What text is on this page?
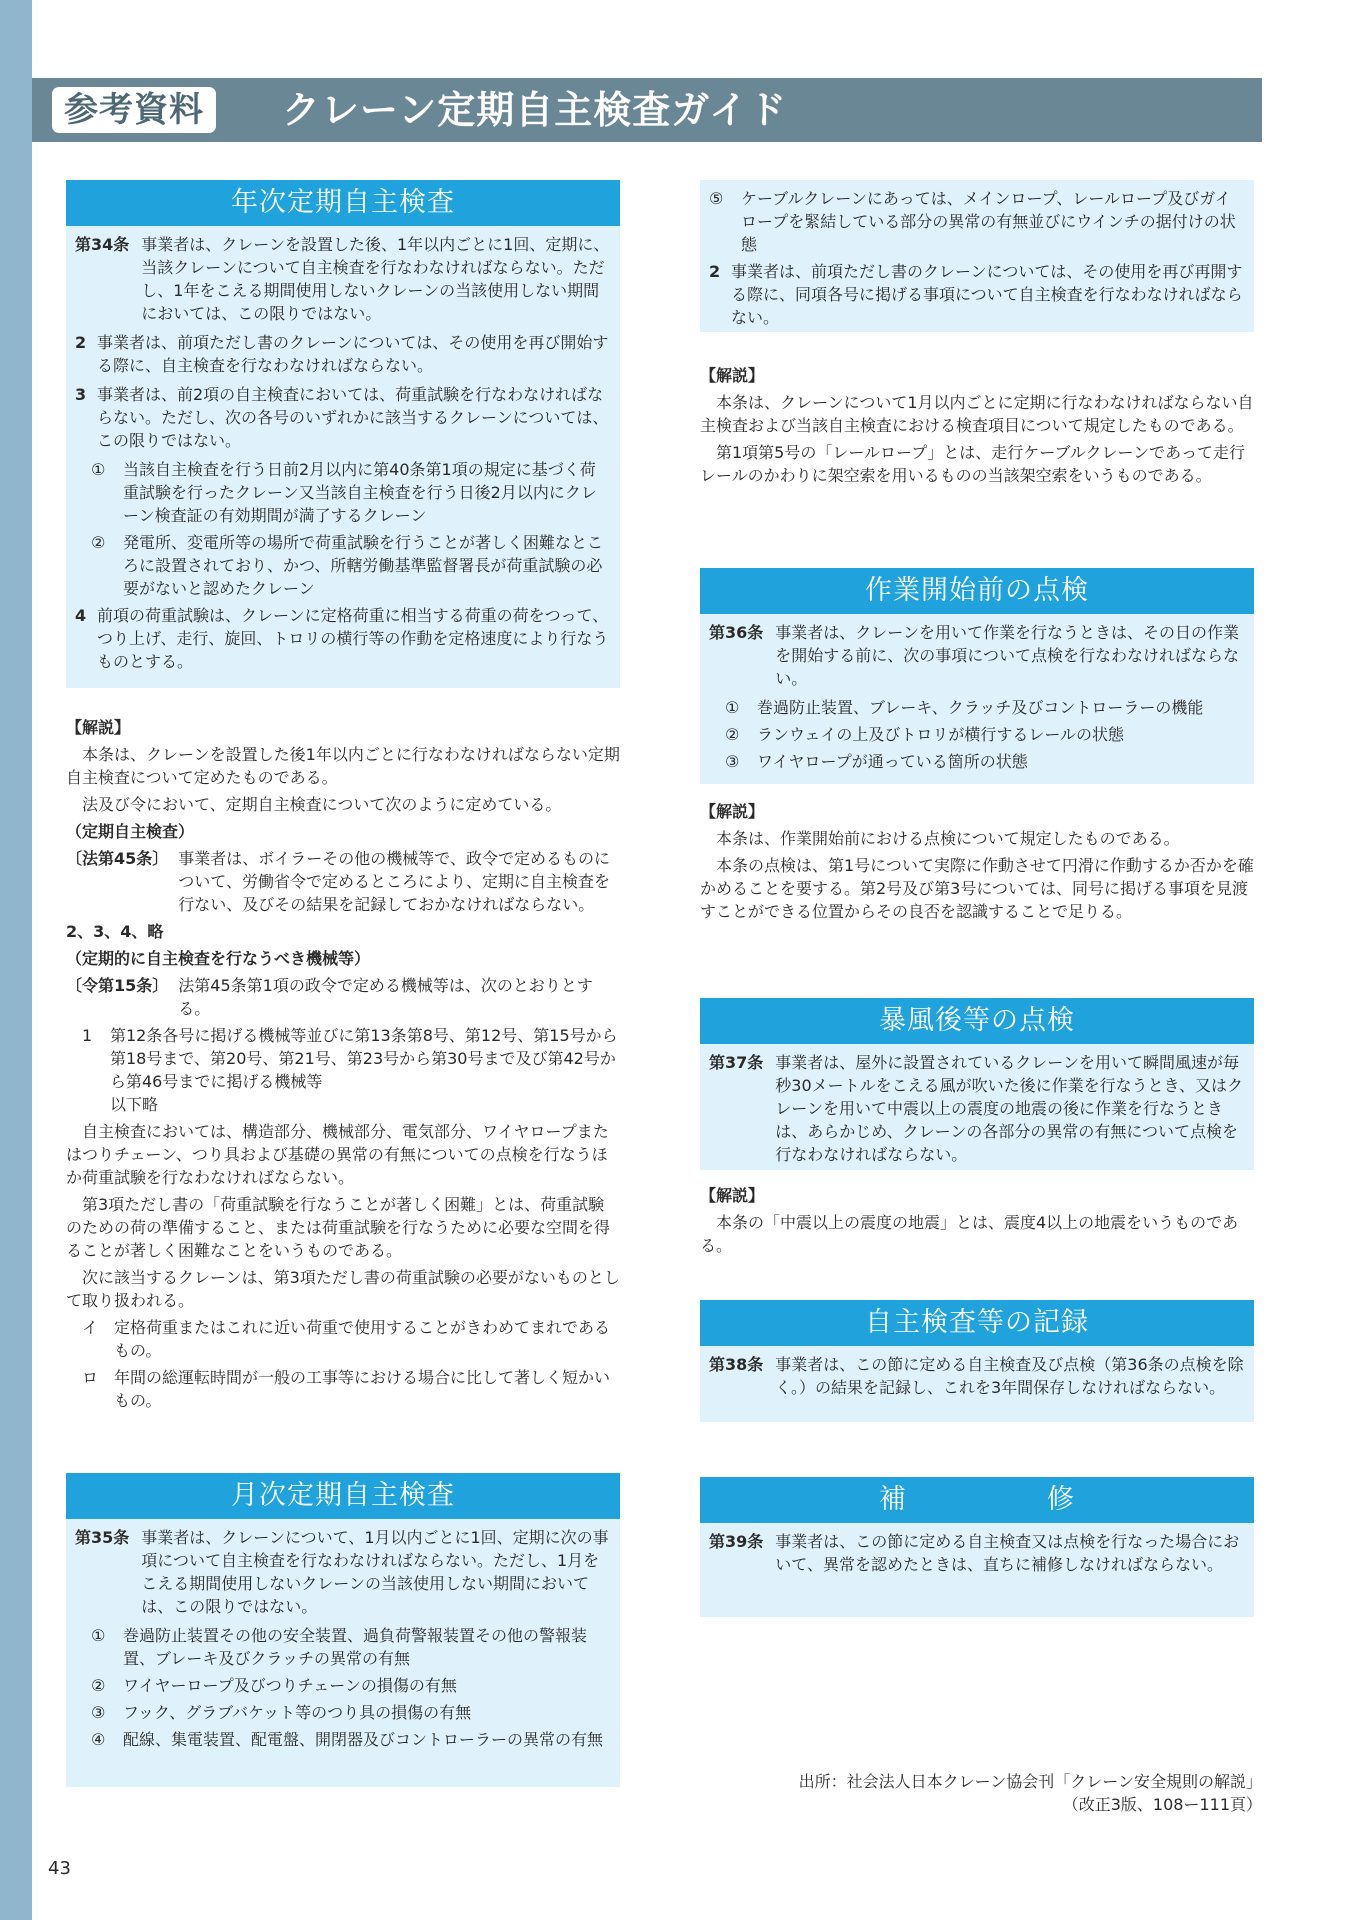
参考資料	クレーン定期自主検査ガイド
年次定期自主検査
第34条 事業者は、クレーンを設置した後、1年以内ごとに1回、定期に、当該クレーンについて自主検査を行なわなければならない。ただし、1年をこえる期間使用しないクレーンの当該使用しない期間においては、この限りではない。
2 事業者は、前項ただし書のクレーンについては、その使用を再び開始する際に、自主検査を行なわなければならない。
3 事業者は、前2項の自主検査においては、荷重試験を行なわなければならない。ただし、次の各号のいずれかに該当するクレーンについては、この限りではない。
①	当該自主検査を行う日前2月以内に第40条第1項の規定に基づく荷重試験を行ったクレーン又当該自主検査を行う日後2月以内にクレーン検査証の有効期間が満了するクレーン
②	発電所、変電所等の場所で荷重試験を行うことが著しく困難なところに設置されており、かつ、所轄労働基準監督署長が荷重試験の必要がないと認めたクレーン
4 前項の荷重試験は、クレーンに定格荷重に相当する荷重の荷をつって、つり上げ、走行、旋回、トロリの横行等の作動を定格速度により行なうものとする。
【解説】

本条は、クレーンを設置した後1年以内ごとに行なわなければならない定期自主検査について定めたものである。

法及び令において、定期自主検査について次のように定めている。

（定期自主検査）
〔法第45条〕 事業者は、ボイラーその他の機械等で、政令で定めるものについて、労働省令で定めるところにより、定期に自主検査を行ない、及びその結果を記録しておかなければならない。
2、3、4、略
（定期的に自主検査を行なうべき機械等）
〔令第15条〕 法第45条第1項の政令で定める機械等は、次のとおりとする。
1	第12条各号に掲げる機械等並びに第13条第8号、第12号、第15号から第18号まで、第20号、第21号、第23号から第30号まで及び第42号から第46号までに掲げる機械等

以下略

自主検査においては、構造部分、機械部分、電気部分、ワイヤロープまたはつりチェーン、つり具および基礎の異常の有無についての点検を行なうほか荷重試験を行なわなければならない。

第3項ただし書の「荷重試験を行なうことが著しく困難」とは、荷重試験のための荷の準備すること、または荷重試験を行なうために必要な空間を得ることが著しく困難なことをいうものである。

次に該当するクレーンは、第3項ただし書の荷重試験の必要がないものとして取り扱われる。

イ 定格荷重またはこれに近い荷重で使用することがきわめてまれであるもの。
ロ 年間の総運転時間が一般の工事等における場合に比して著しく短かいもの。
月次定期自主検査
第35条 事業者は、クレーンについて、1月以内ごとに1回、定期に次の事項について自主検査を行なわなければならない。ただし、1月をこえる期間使用しないクレーンの当該使用しない期間においては、この限りではない。
①	巻過防止装置その他の安全装置、過負荷警報装置その他の警報装置、ブレーキ及びクラッチの異常の有無
②	ワイヤーロープ及びつりチェーンの損傷の有無
③	フック、グラブバケット等のつり具の損傷の有無
④	配線、集電装置、配電盤、開閉器及びコントローラーの異常の有無
⑤	ケーブルクレーンにあっては、メインロープ、レールロープ及びガイロープを緊結している部分の異常の有無並びにウインチの据付けの状態
2 事業者は、前項ただし書のクレーンについては、その使用を再び再開する際に、同項各号に掲げる事項について自主検査を行なわなければならない。
【解説】

本条は、クレーンについて1月以内ごとに定期に行なわなければならない自主検査および当該自主検査における検査項目について規定したものである。

第1項第5号の「レールロープ」とは、走行ケーブルクレーンであって走行レールのかわりに架空索を用いるものの当該架空索をいうものである。

作業開始前の点検
第36条 事業者は、クレーンを用いて作業を行なうときは、その日の作業を開始する前に、次の事項について点検を行なわなければならない。
①	巻過防止装置、ブレーキ、クラッチ及びコントローラーの機能
②	ランウェイの上及びトロリが横行するレールの状態
③	ワイヤロープが通っている箇所の状態
【解説】

本条は、作業開始前における点検について規定したものである。

本条の点検は、第1号について実際に作動させて円滑に作動するか否かを確かめることを要する。第2号及び第3号については、同号に掲げる事項を見渡すことができる位置からその良否を認識することで足りる。

暴風後等の点検
第37条 事業者は、屋外に設置されているクレーンを用いて瞬間風速が毎秒30メートルをこえる風が吹いた後に作業を行なうとき、又はクレーンを用いて中震以上の震度の地震の後に作業を行なうときは、あらかじめ、クレーンの各部分の異常の有無について点検を行なわなければならない。
【解説】

本条の「中震以上の震度の地震」とは、震度4以上の地震をいうものである。

自主検査等の記録
第38条 事業者は、この節に定める自主検査及び点検（第36条の点検を除く。）の結果を記録し、これを3年間保存しなければならない。
補　　　　　修
第39条 事業者は、この節に定める自主検査又は点検を行なった場合において、異常を認めたときは、直ちに補修しなければならない。
出所：社会法人日本クレーン協会刊「クレーン安全規則の解説」
（改正3版、108ー111頁）
43
